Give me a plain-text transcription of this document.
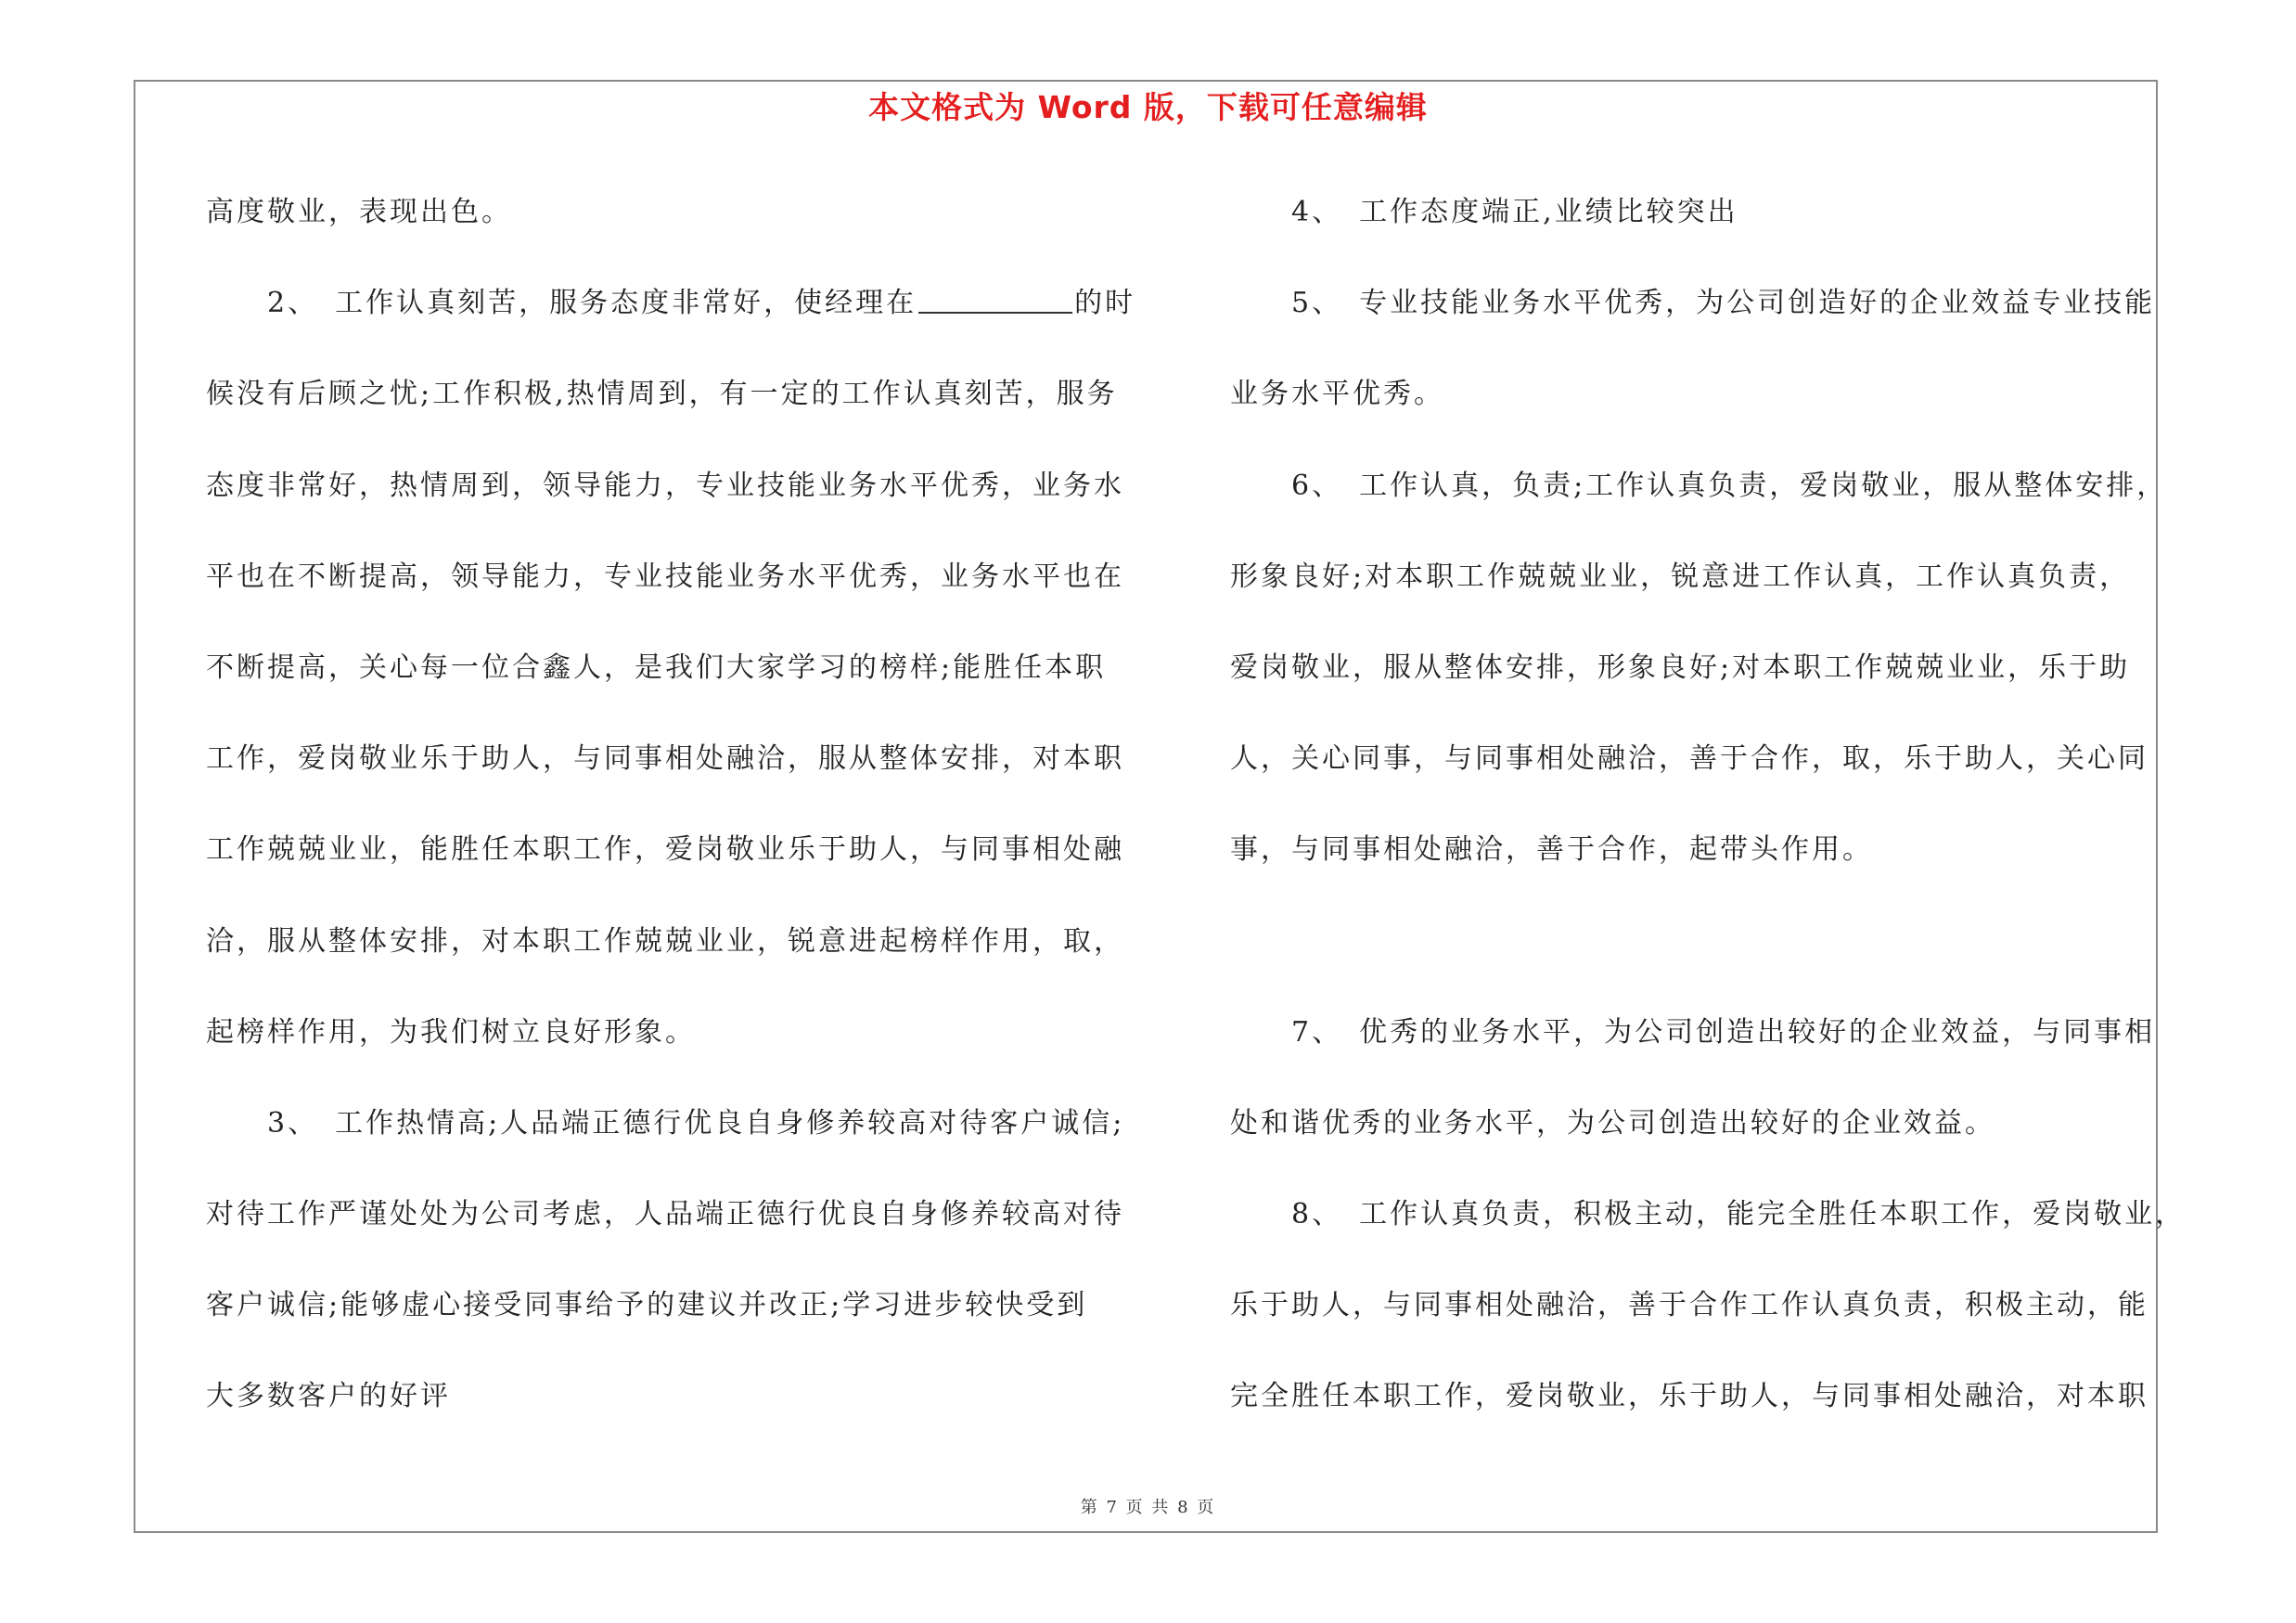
本文格式为 Word 版，下载可任意编辑
高度敬业，表现出色。
　　2、　工作认真刻苦，服务态度非常好，使经理在	的时
候没有后顾之忧;工作积极,热情周到，有一定的工作认真刻苦，服务
态度非常好，热情周到，领导能力，专业技能业务水平优秀，业务水
平也在不断提高，领导能力，专业技能业务水平优秀，业务水平也在
不断提高，关心每一位合鑫人，是我们大家学习的榜样;能胜任本职
工作，爱岗敬业乐于助人，与同事相处融洽，服从整体安排，对本职
工作兢兢业业，能胜任本职工作，爱岗敬业乐于助人，与同事相处融
洽，服从整体安排，对本职工作兢兢业业，锐意进起榜样作用，取，
起榜样作用，为我们树立良好形象。
　　3、　工作热情高;人品端正德行优良自身修养较高对待客户诚信;
对待工作严谨处处为公司考虑，人品端正德行优良自身修养较高对待
客户诚信;能够虚心接受同事给予的建议并改正;学习进步较快受到
大多数客户的好评
　　4、　工作态度端正,业绩比较突出
　　5、　专业技能业务水平优秀，为公司创造好的企业效益专业技能
业务水平优秀。
　　6、　工作认真，负责;工作认真负责，爱岗敬业，服从整体安排，
形象良好;对本职工作兢兢业业，锐意进工作认真，工作认真负责，
爱岗敬业，服从整体安排，形象良好;对本职工作兢兢业业，乐于助
人，关心同事，与同事相处融洽，善于合作，取，乐于助人，关心同
事，与同事相处融洽，善于合作，起带头作用。
　　7、　优秀的业务水平，为公司创造出较好的企业效益，与同事相
处和谐优秀的业务水平，为公司创造出较好的企业效益。
　　8、　工作认真负责，积极主动，能完全胜任本职工作，爱岗敬业，
乐于助人，与同事相处融洽，善于合作工作认真负责，积极主动，能
完全胜任本职工作，爱岗敬业，乐于助人，与同事相处融洽，对本职
第 7 页 共 8 页
